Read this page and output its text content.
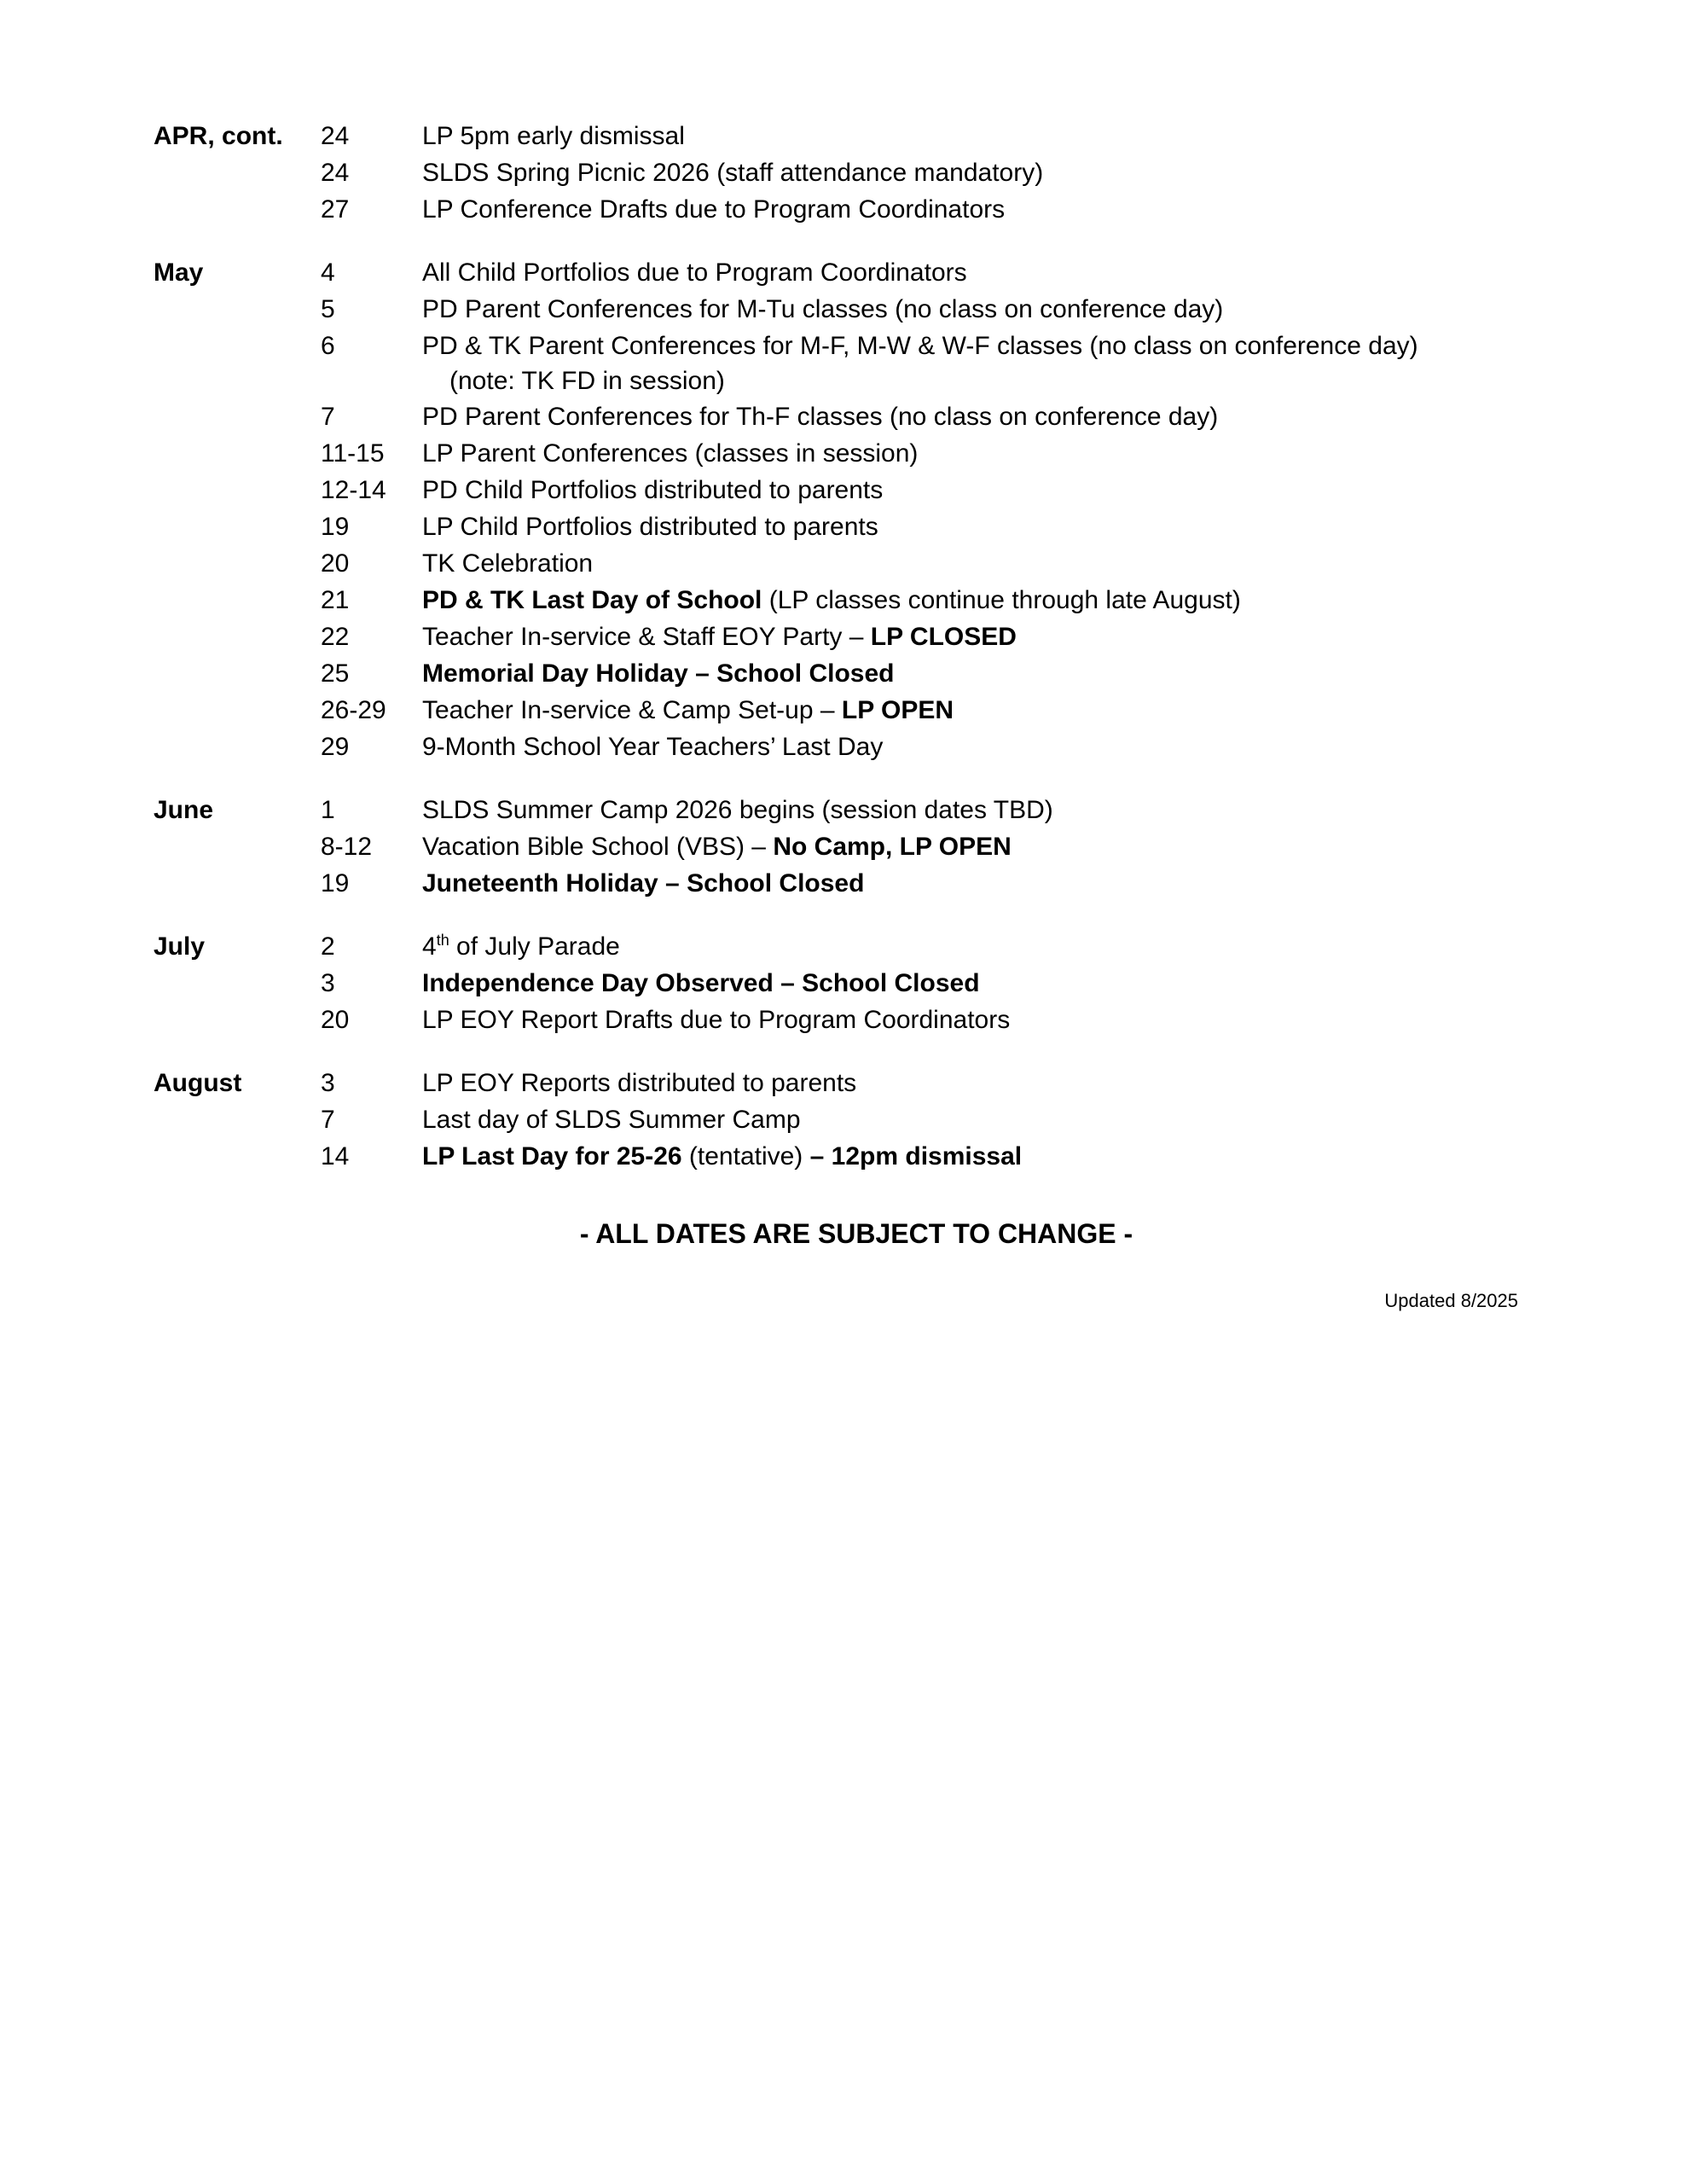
APR, cont.	24	LP 5pm early dismissal
24	SLDS Spring Picnic 2026 (staff attendance mandatory)
27	LP Conference Drafts due to Program Coordinators
May	4	All Child Portfolios due to Program Coordinators
5	PD Parent Conferences for M-Tu classes (no class on conference day)
6	PD & TK Parent Conferences for M-F, M-W & W-F classes (no class on conference day)
(note: TK FD in session)
7	PD Parent Conferences for Th-F classes (no class on conference day)
11-15	LP Parent Conferences (classes in session)
12-14	PD Child Portfolios distributed to parents
19	LP Child Portfolios distributed to parents
20	TK Celebration
21	PD & TK Last Day of School (LP classes continue through late August)
22	Teacher In-service & Staff EOY Party – LP CLOSED
25	Memorial Day Holiday – School Closed
26-29	Teacher In-service & Camp Set-up – LP OPEN
29	9-Month School Year Teachers’ Last Day
June	1	SLDS Summer Camp 2026 begins (session dates TBD)
8-12	Vacation Bible School (VBS) – No Camp, LP OPEN
19	Juneteenth Holiday – School Closed
July	2	4th of July Parade
3	Independence Day Observed – School Closed
20	LP EOY Report Drafts due to Program Coordinators
August	3	LP EOY Reports distributed to parents
7	Last day of SLDS Summer Camp
14	LP Last Day for 25-26 (tentative) – 12pm dismissal
- ALL DATES ARE SUBJECT TO CHANGE -
Updated 8/2025
